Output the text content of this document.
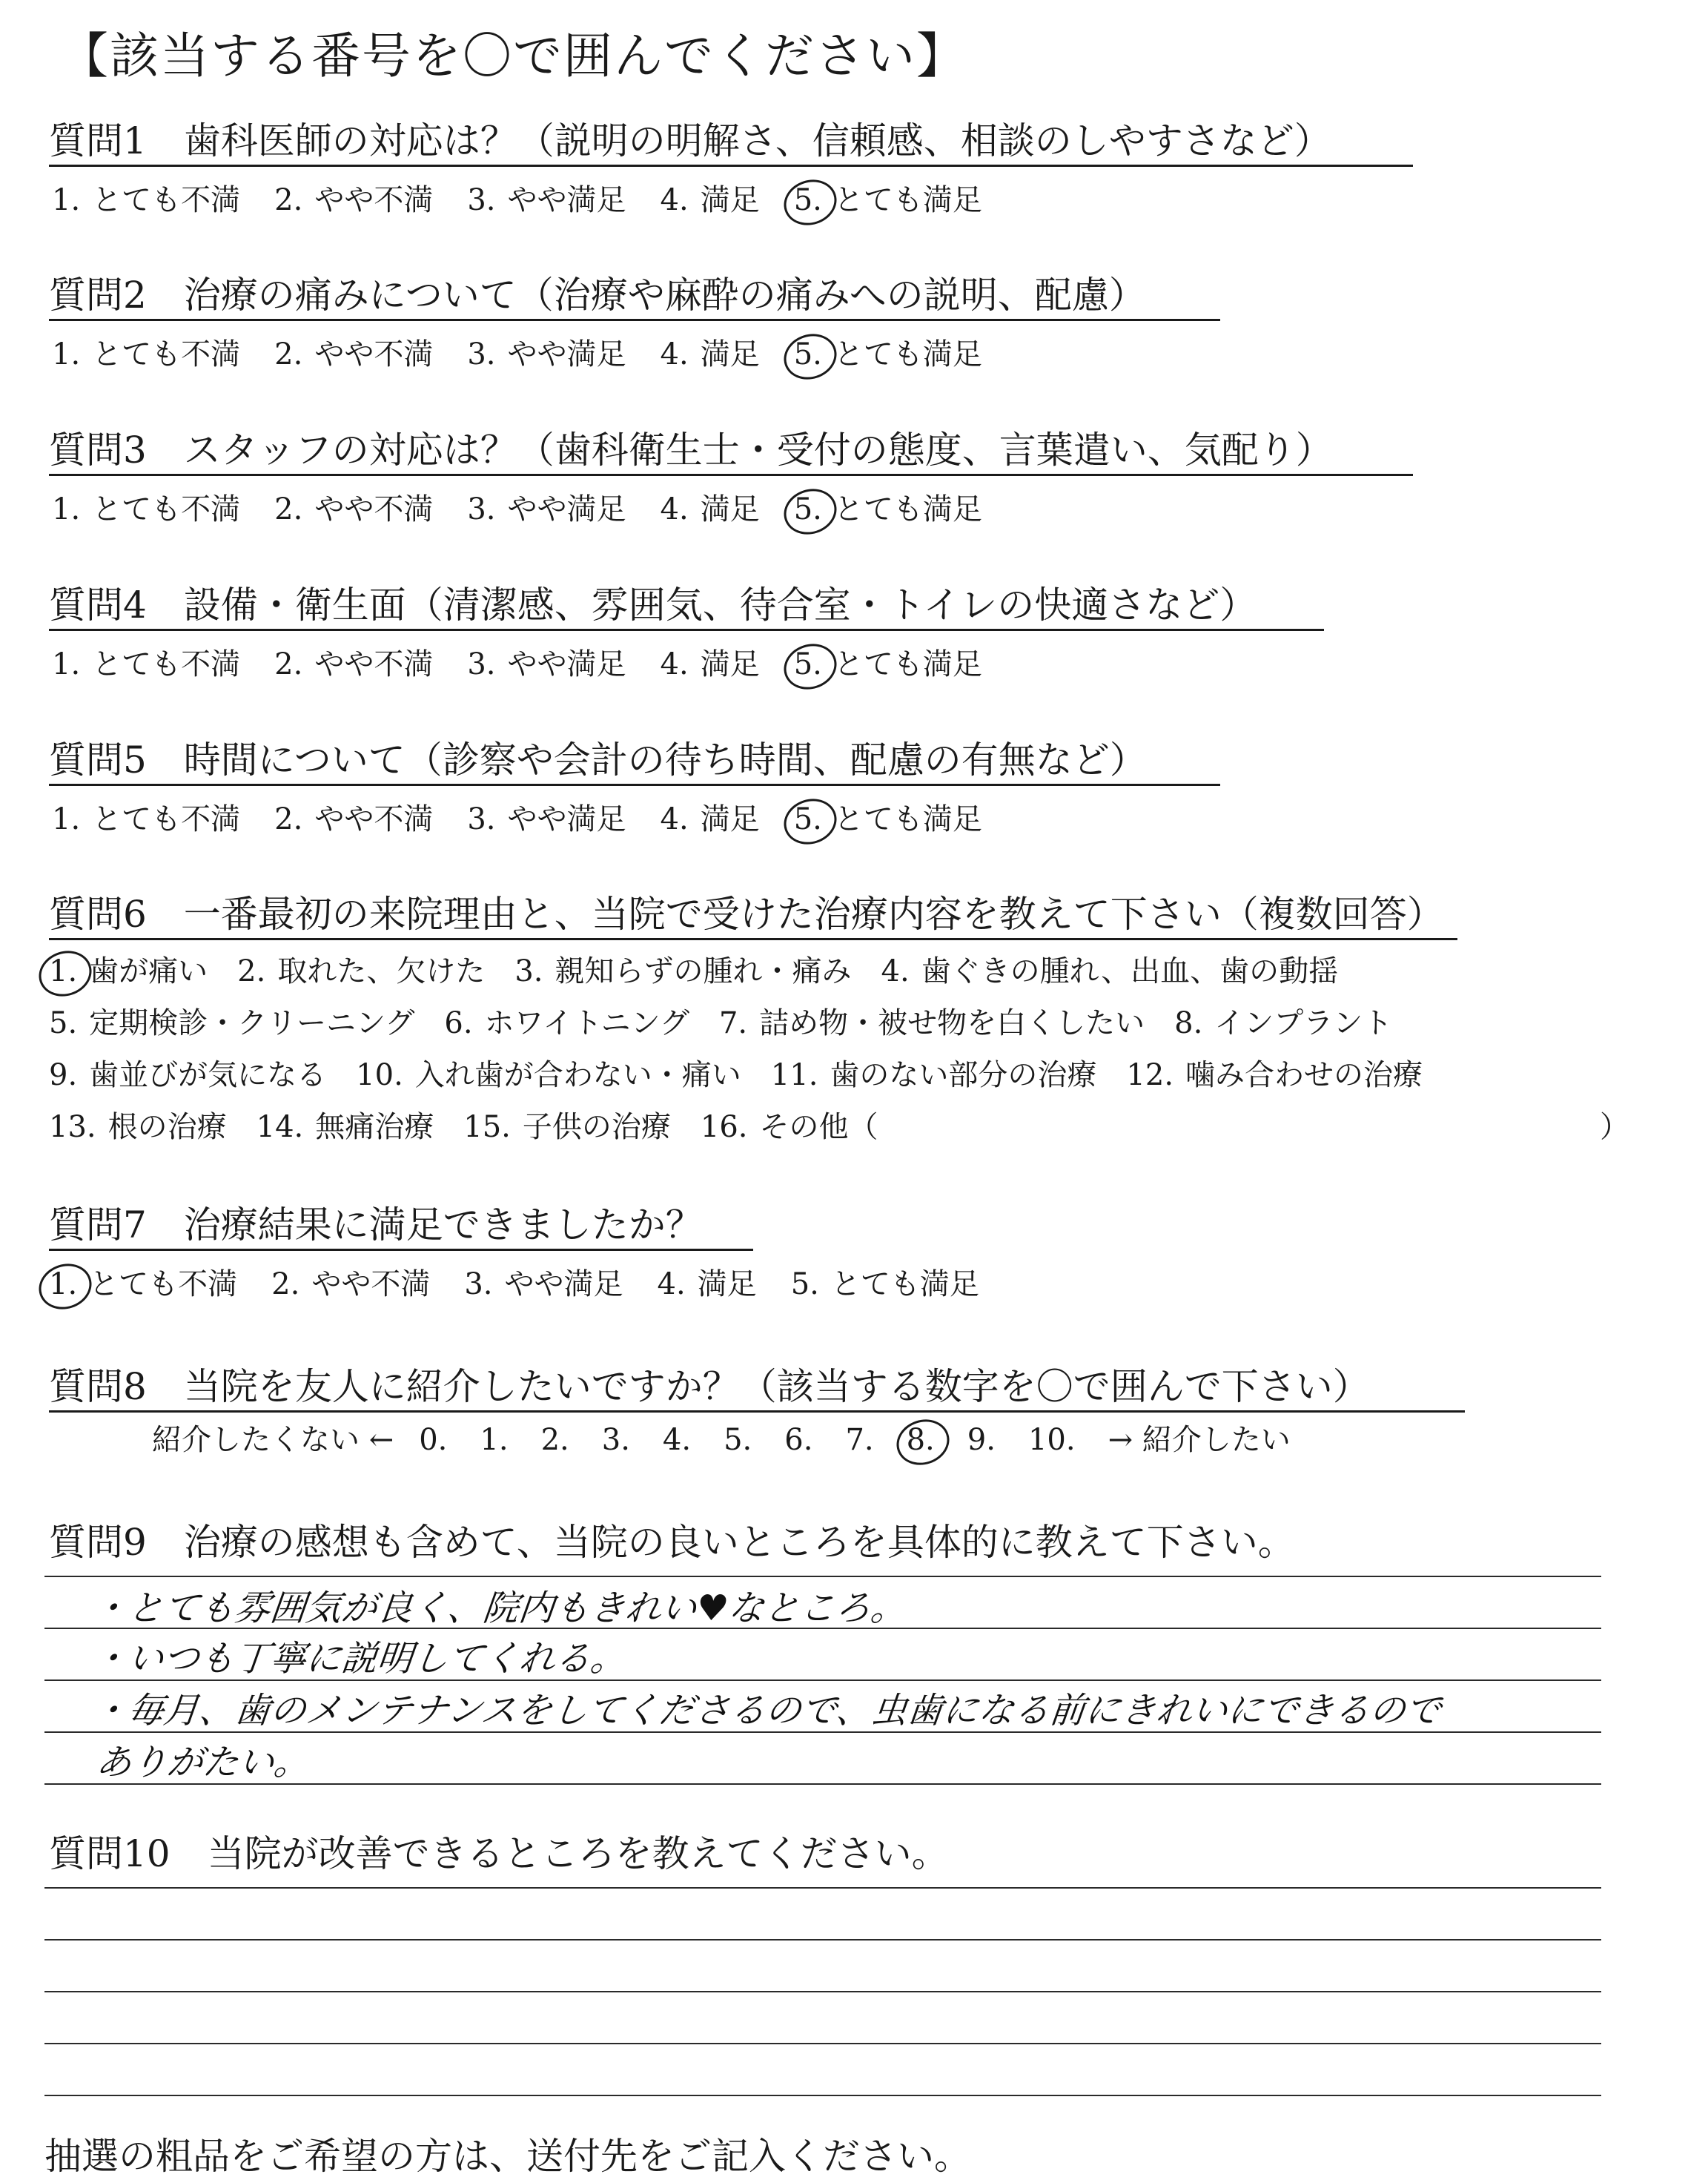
【該当する番号を〇で囲んでください】
質問1　歯科医師の対応は？（説明の明解さ、信頼感、相談のしやすさなど）
1. とても不満 2. やや不満 3. やや満足 4. 満足 5. とても満足
質問2　治療の痛みについて（治療や麻酔の痛みへの説明、配慮）
1. とても不満 2. やや不満 3. やや満足 4. 満足 5. とても満足
質問3　スタッフの対応は？（歯科衛生士・受付の態度、言葉遣い、気配り）
1. とても不満 2. やや不満 3. やや満足 4. 満足 5. とても満足
質問4　設備・衛生面（清潔感、雰囲気、待合室・トイレの快適さなど）
1. とても不満 2. やや不満 3. やや満足 4. 満足 5. とても満足
質問5　時間について（診察や会計の待ち時間、配慮の有無など）
1. とても不満 2. やや不満 3. やや満足 4. 満足 5. とても満足
質問6　一番最初の来院理由と、当院で受けた治療内容を教えて下さい（複数回答）
1. 歯が痛い 2. 取れた、欠けた 3. 親知らずの腫れ・痛み 4. 歯ぐきの腫れ、出血、歯の動揺
5. 定期検診・クリーニング 6. ホワイトニング 7. 詰め物・被せ物を白くしたい 8. インプラント
9. 歯並びが気になる 10. 入れ歯が合わない・痛い 11. 歯のない部分の治療 12. 噛み合わせの治療
13. 根の治療 14. 無痛治療 15. 子供の治療 16. その他（	）
質問7　治療結果に満足できましたか？
1. とても不満 2. やや不満 3. やや満足 4. 満足 5. とても満足
質問8　当院を友人に紹介したいですか？（該当する数字を〇で囲んで下さい）
紹介したくない ← 0. 1. 2. 3. 4. 5. 6. 7. 8. 9. 10. → 紹介したい
質問9　治療の感想も含めて、当院の良いところを具体的に教えて下さい。
・とても雰囲気が良く、院内もきれい♥なところ。
・いつも丁寧に説明してくれる。
・毎月、歯のメンテナンスをしてくださるので、虫歯になる前にきれいにできるので
ありがたい。
質問10　当院が改善できるところを教えてください。
抽選の粗品をご希望の方は、送付先をご記入ください。
